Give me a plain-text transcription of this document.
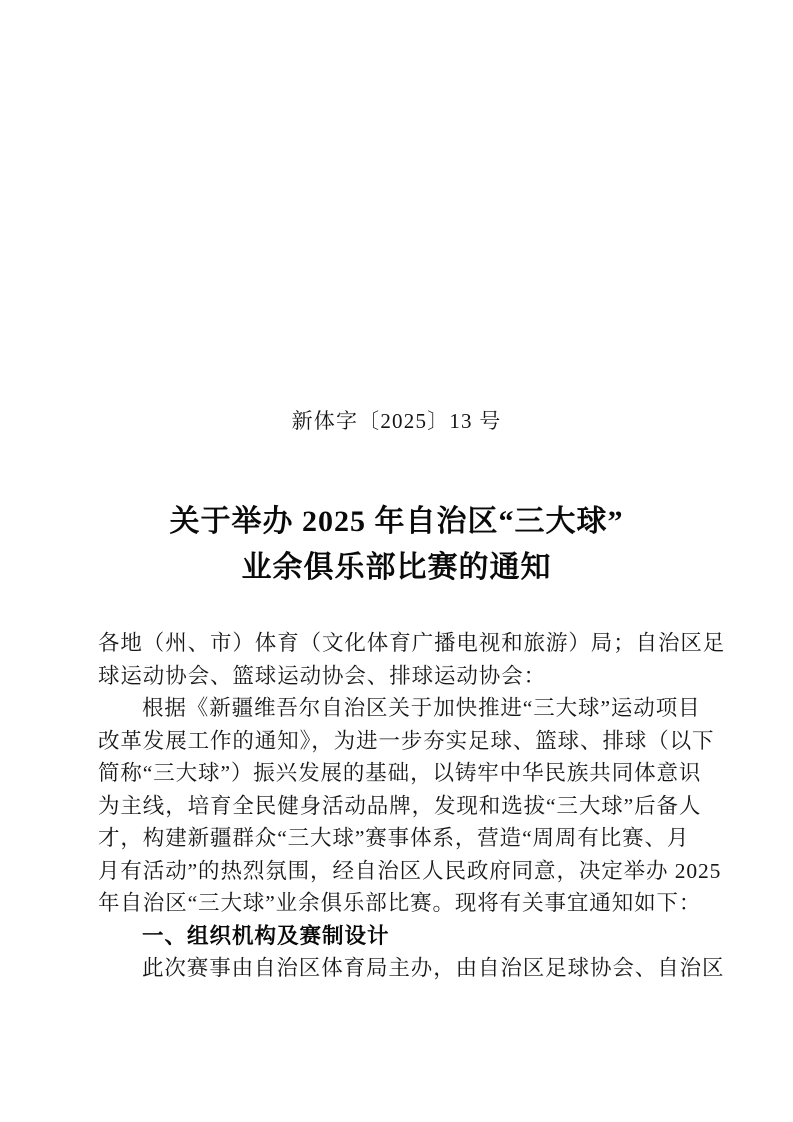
新体字〔2025〕13 号
关于举办 2025 年自治区“三大球”
业余俱乐部比赛的通知
各地（州、市）体育（文化体育广播电视和旅游）局；自治区足
球运动协会、篮球运动协会、排球运动协会：
根据《新疆维吾尔自治区关于加快推进“三大球”运动项目
改革发展工作的通知》，为进一步夯实足球、篮球、排球（以下
简称“三大球”）振兴发展的基础，以铸牢中华民族共同体意识
为主线，培育全民健身活动品牌，发现和选拔“三大球”后备人
才，构建新疆群众“三大球”赛事体系，营造“周周有比赛、月
月有活动”的热烈氛围，经自治区人民政府同意，决定举办 2025
年自治区“三大球”业余俱乐部比赛。现将有关事宜通知如下：
一、组织机构及赛制设计
此次赛事由自治区体育局主办，由自治区足球协会、自治区
